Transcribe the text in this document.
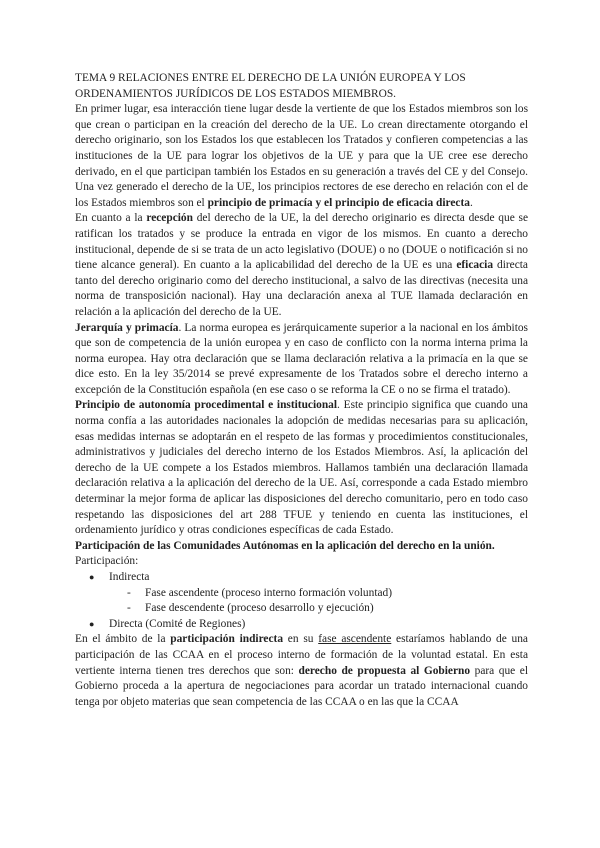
TEMA 9 RELACIONES ENTRE EL DERECHO DE LA UNIÓN EUROPEA Y LOS ORDENAMIENTOS JURÍDICOS DE LOS ESTADOS MIEMBROS.

En primer lugar, esa interacción tiene lugar desde la vertiente de que los Estados miembros son los que crean o participan en la creación del derecho de la UE. Lo crean directamente otorgando el derecho originario, son los Estados los que establecen los Tratados y confieren competencias a las instituciones de la UE para lograr los objetivos de la UE y para que la UE cree ese derecho derivado, en el que participan también los Estados en su generación a través del CE y del Consejo. Una vez generado el derecho de la UE, los principios rectores de ese derecho en relación con el de los Estados miembros son el principio de primacía y el principio de eficacia directa.

En cuanto a la recepción del derecho de la UE, la del derecho originario es directa desde que se ratifican los tratados y se produce la entrada en vigor de los mismos. En cuanto a derecho institucional, depende de si se trata de un acto legislativo (DOUE) o no (DOUE o notificación si no tiene alcance general). En cuanto a la aplicabilidad del derecho de la UE es una eficacia directa tanto del derecho originario como del derecho institucional, a salvo de las directivas (necesita una norma de transposición nacional). Hay una declaración anexa al TUE llamada declaración en relación a la aplicación del derecho de la UE.

Jerarquía y primacía. La norma europea es jerárquicamente superior a la nacional en los ámbitos que son de competencia de la unión europea y en caso de conflicto con la norma interna prima la norma europea. Hay otra declaración que se llama declaración relativa a la primacía en la que se dice esto. En la ley 35/2014 se prevé expresamente de los Tratados sobre el derecho interno a excepción de la Constitución española (en ese caso o se reforma la CE o no se firma el tratado).

Principio de autonomía procedimental e institucional. Este principio significa que cuando una norma confía a las autoridades nacionales la adopción de medidas necesarias para su aplicación, esas medidas internas se adoptarán en el respeto de las formas y procedimientos constitucionales, administrativos y judiciales del derecho interno de los Estados Miembros. Así, la aplicación del derecho de la UE compete a los Estados miembros. Hallamos también una declaración llamada declaración relativa a la aplicación del derecho de la UE. Así, corresponde a cada Estado miembro determinar la mejor forma de aplicar las disposiciones del derecho comunitario, pero en todo caso respetando las disposiciones del art 288 TFUE y teniendo en cuenta las instituciones, el ordenamiento jurídico y otras condiciones específicas de cada Estado.

Participación de las Comunidades Autónomas en la aplicación del derecho en la unión.

Participación:

● Indirecta
- Fase ascendente (proceso interno formación voluntad)
- Fase descendente (proceso desarrollo y ejecución)
● Directa (Comité de Regiones)

En el ámbito de la participación indirecta en su fase ascendente estaríamos hablando de una participación de las CCAA en el proceso interno de formación de la voluntad estatal. En esta vertiente interna tienen tres derechos que son: derecho de propuesta al Gobierno para que el Gobierno proceda a la apertura de negociaciones para acordar un tratado internacional cuando tenga por objeto materias que sean competencia de las CCAA o en las que la CCAA
